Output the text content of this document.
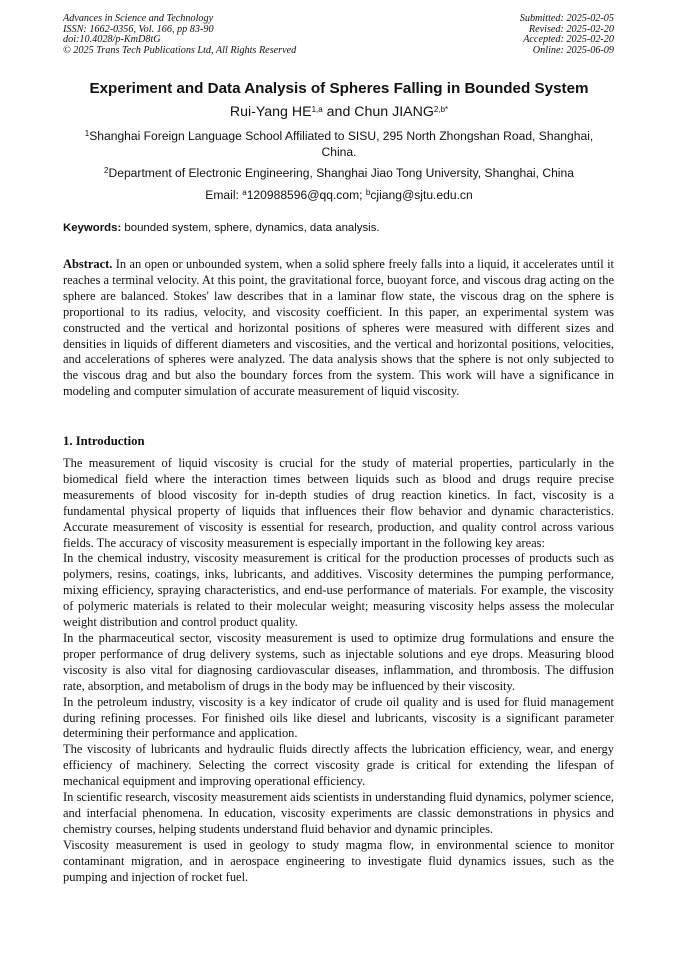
Advances in Science and Technology
ISSN: 1662-0356, Vol. 166, pp 83-90
doi:10.4028/p-KmD8tG
© 2025 Trans Tech Publications Ltd, All Rights Reserved
Submitted: 2025-02-05
Revised: 2025-02-20
Accepted: 2025-02-20
Online: 2025-06-09
Experiment and Data Analysis of Spheres Falling in Bounded System
Rui-Yang HE$^{1,a}$ and Chun $JIANG^{2,b*}$
$^1$Shanghai Foreign Language School Affiliated to SISU, 295 North Zhongshan Road, Shanghai, China.
$^2$Department of Electronic Engineering, Shanghai Jiao Tong University, Shanghai, China
Email: $^a$120988596@qq.com; $^b$cjiang@sjtu.edu.cn
Keywords: bounded system, sphere, dynamics, data analysis.
Abstract. In an open or unbounded system, when a solid sphere freely falls into a liquid, it accelerates until it reaches a terminal velocity. At this point, the gravitational force, buoyant force, and viscous drag acting on the sphere are balanced. Stokes' law describes that in a laminar flow state, the viscous drag on the sphere is proportional to its radius, velocity, and viscosity coefficient. In this paper, an experimental system was constructed and the vertical and horizontal positions of spheres were measured with different sizes and densities in liquids of different diameters and viscosities, and the vertical and horizontal positions, velocities, and accelerations of spheres were analyzed. The data analysis shows that the sphere is not only subjected to the viscous drag and but also the boundary forces from the system. This work will have a significance in modeling and computer simulation of accurate measurement of liquid viscosity.
1. Introduction

The measurement of liquid viscosity is crucial for the study of material properties, particularly in the biomedical field where the interaction times between liquids such as blood and drugs require precise measurements of blood viscosity for in-depth studies of drug reaction kinetics. In fact, viscosity is a fundamental physical property of liquids that influences their flow behavior and dynamic characteristics. Accurate measurement of viscosity is essential for research, production, and quality control across various fields. The accuracy of viscosity measurement is especially important in the following key areas:

In the chemical industry, viscosity measurement is critical for the production processes of products such as polymers, resins, coatings, inks, lubricants, and additives. Viscosity determines the pumping performance, mixing efficiency, spraying characteristics, and end-use performance of materials. For example, the viscosity of polymeric materials is related to their molecular weight; measuring viscosity helps assess the molecular weight distribution and control product quality.

In the pharmaceutical sector, viscosity measurement is used to optimize drug formulations and ensure the proper performance of drug delivery systems, such as injectable solutions and eye drops. Measuring blood viscosity is also vital for diagnosing cardiovascular diseases, inflammation, and thrombosis. The diffusion rate, absorption, and metabolism of drugs in the body may be influenced by their viscosity.

In the petroleum industry, viscosity is a key indicator of crude oil quality and is used for fluid management during refining processes. For finished oils like diesel and lubricants, viscosity is a significant parameter determining their performance and application.

The viscosity of lubricants and hydraulic fluids directly affects the lubrication efficiency, wear, and energy efficiency of machinery. Selecting the correct viscosity grade is critical for extending the lifespan of mechanical equipment and improving operational efficiency.

In scientific research, viscosity measurement aids scientists in understanding fluid dynamics, polymer science, and interfacial phenomena. In education, viscosity experiments are classic demonstrations in physics and chemistry courses, helping students understand fluid behavior and dynamic principles.

Viscosity measurement is used in geology to study magma flow, in environmental science to monitor contaminant migration, and in aerospace engineering to investigate fluid dynamics issues, such as the pumping and injection of rocket fuel.
